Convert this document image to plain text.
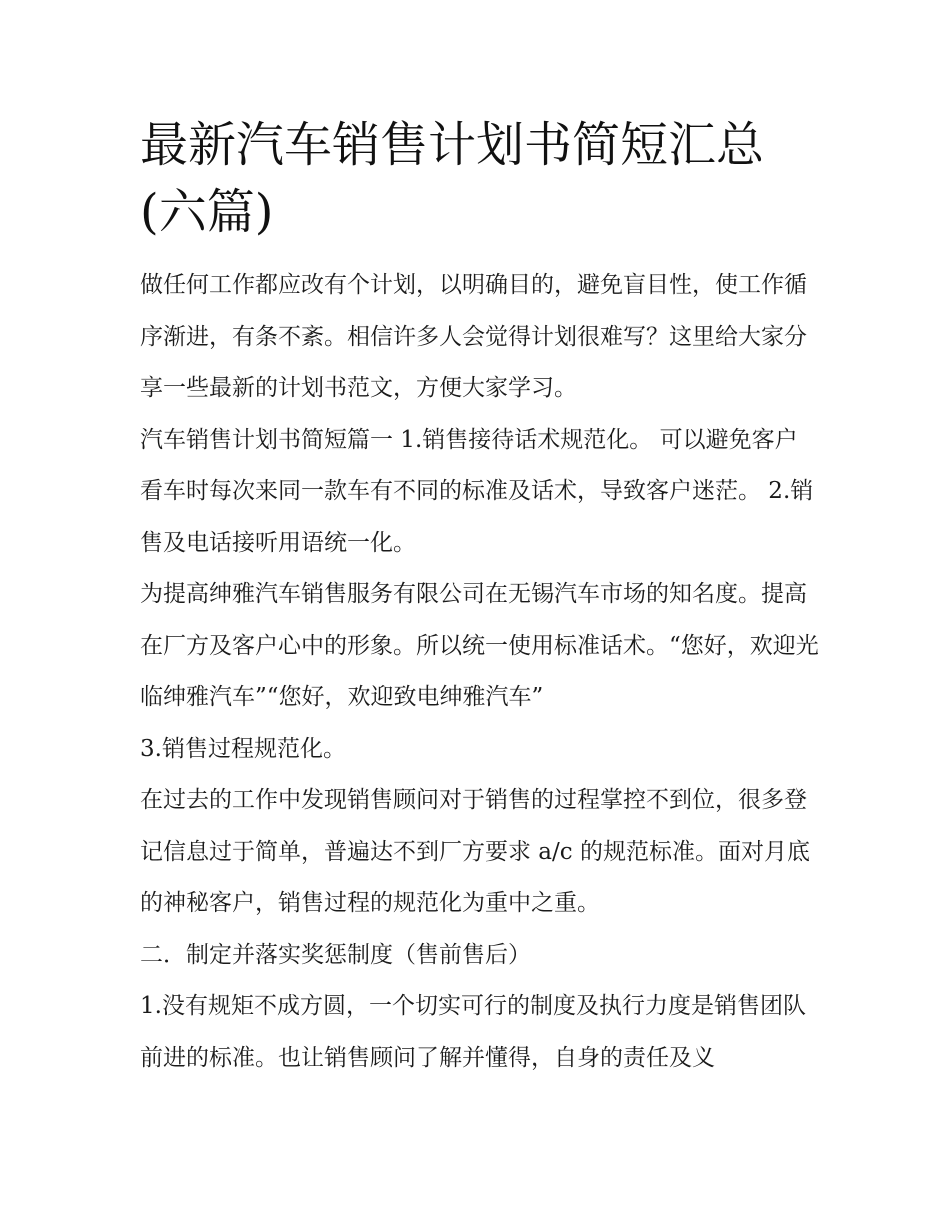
最新汽车销售计划书简短汇总
(六篇)

做任何工作都应改有个计划，以明确目的，避免盲目性，使工作循序渐进，有条不紊。相信许多人会觉得计划很难写？这里给大家分享一些最新的计划书范文，方便大家学习。

汽车销售计划书简短篇一 1.销售接待话术规范化。 可以避免客户看车时每次来同一款车有不同的标准及话术，导致客户迷茫。 2.销售及电话接听用语统一化。

为提高绅雅汽车销售服务有限公司在无锡汽车市场的知名度。提高在厂方及客户心中的形象。所以统一使用标准话术。“您好，欢迎光临绅雅汽车”“您好，欢迎致电绅雅汽车”

3.销售过程规范化。

在过去的工作中发现销售顾问对于销售的过程掌控不到位，很多登记信息过于简单，普遍达不到厂方要求 a/c 的规范标准。面对月底的神秘客户，销售过程的规范化为重中之重。

二．制定并落实奖惩制度（售前售后）

1.没有规矩不成方圆，一个切实可行的制度及执行力度是销售团队前进的标准。也让销售顾问了解并懂得，自身的责任及义
